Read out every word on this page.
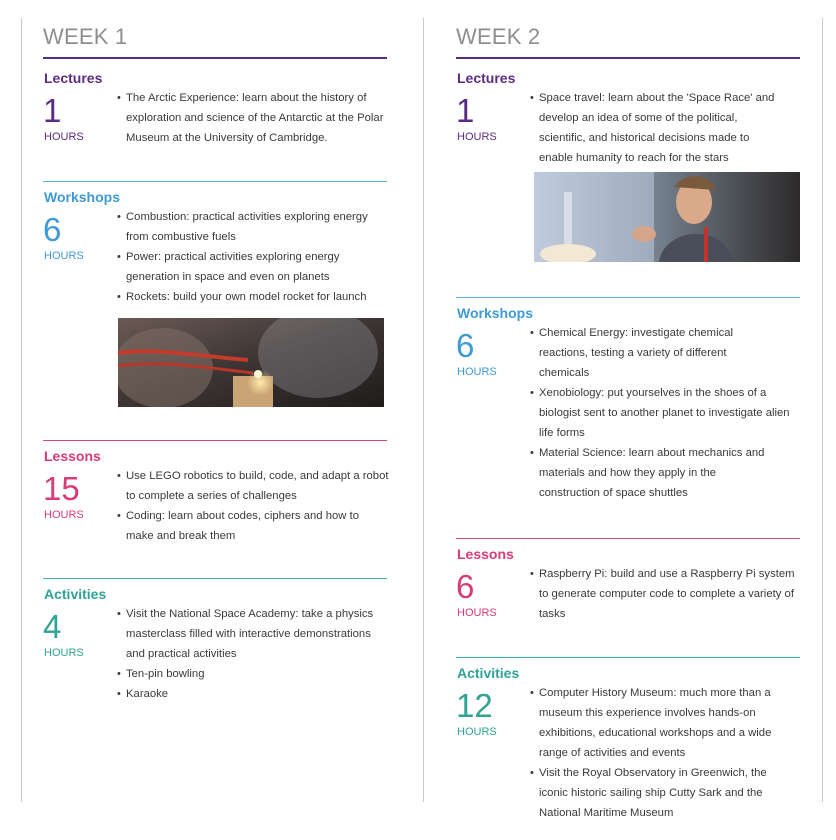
WEEK 1
Lectures
1
HOURS
• The Arctic Experience: learn about the history of exploration and science of the Antarctic at the Polar Museum at the University of Cambridge.
Workshops
6
HOURS
• Combustion: practical activities exploring energy from combustive fuels
• Power: practical activities exploring energy generation in space and even on planets
• Rockets: build your own model rocket for launch
Lessons
15
HOURS
• Use LEGO robotics to build, code, and adapt a robot to complete a series of challenges
• Coding: learn about codes, ciphers and how to make and break them
Activities
4
HOURS
• Visit the National Space Academy: take a physics masterclass filled with interactive demonstrations and practical activities
• Ten-pin bowling
• Karaoke
WEEK 2
Lectures
1
HOURS
• Space travel: learn about the 'Space Race' and develop an idea of some of the political, scientific, and historical decisions made to enable humanity to reach for the stars
Workshops
6
HOURS
• Chemical Energy: investigate chemical reactions, testing a variety of different chemicals
• Xenobiology: put yourselves in the shoes of a biologist sent to another planet to investigate alien life forms
• Material Science: learn about mechanics and materials and how they apply in the construction of space shuttles
Lessons
6
HOURS
• Raspberry Pi: build and use a Raspberry Pi system to generate computer code to complete a variety of tasks
Activities
12
HOURS
• Computer History Museum: much more than a museum this experience involves hands-on exhibitions, educational workshops and a wide range of activities and events
• Visit the Royal Observatory in Greenwich, the iconic historic sailing ship Cutty Sark and the National Maritime Museum
